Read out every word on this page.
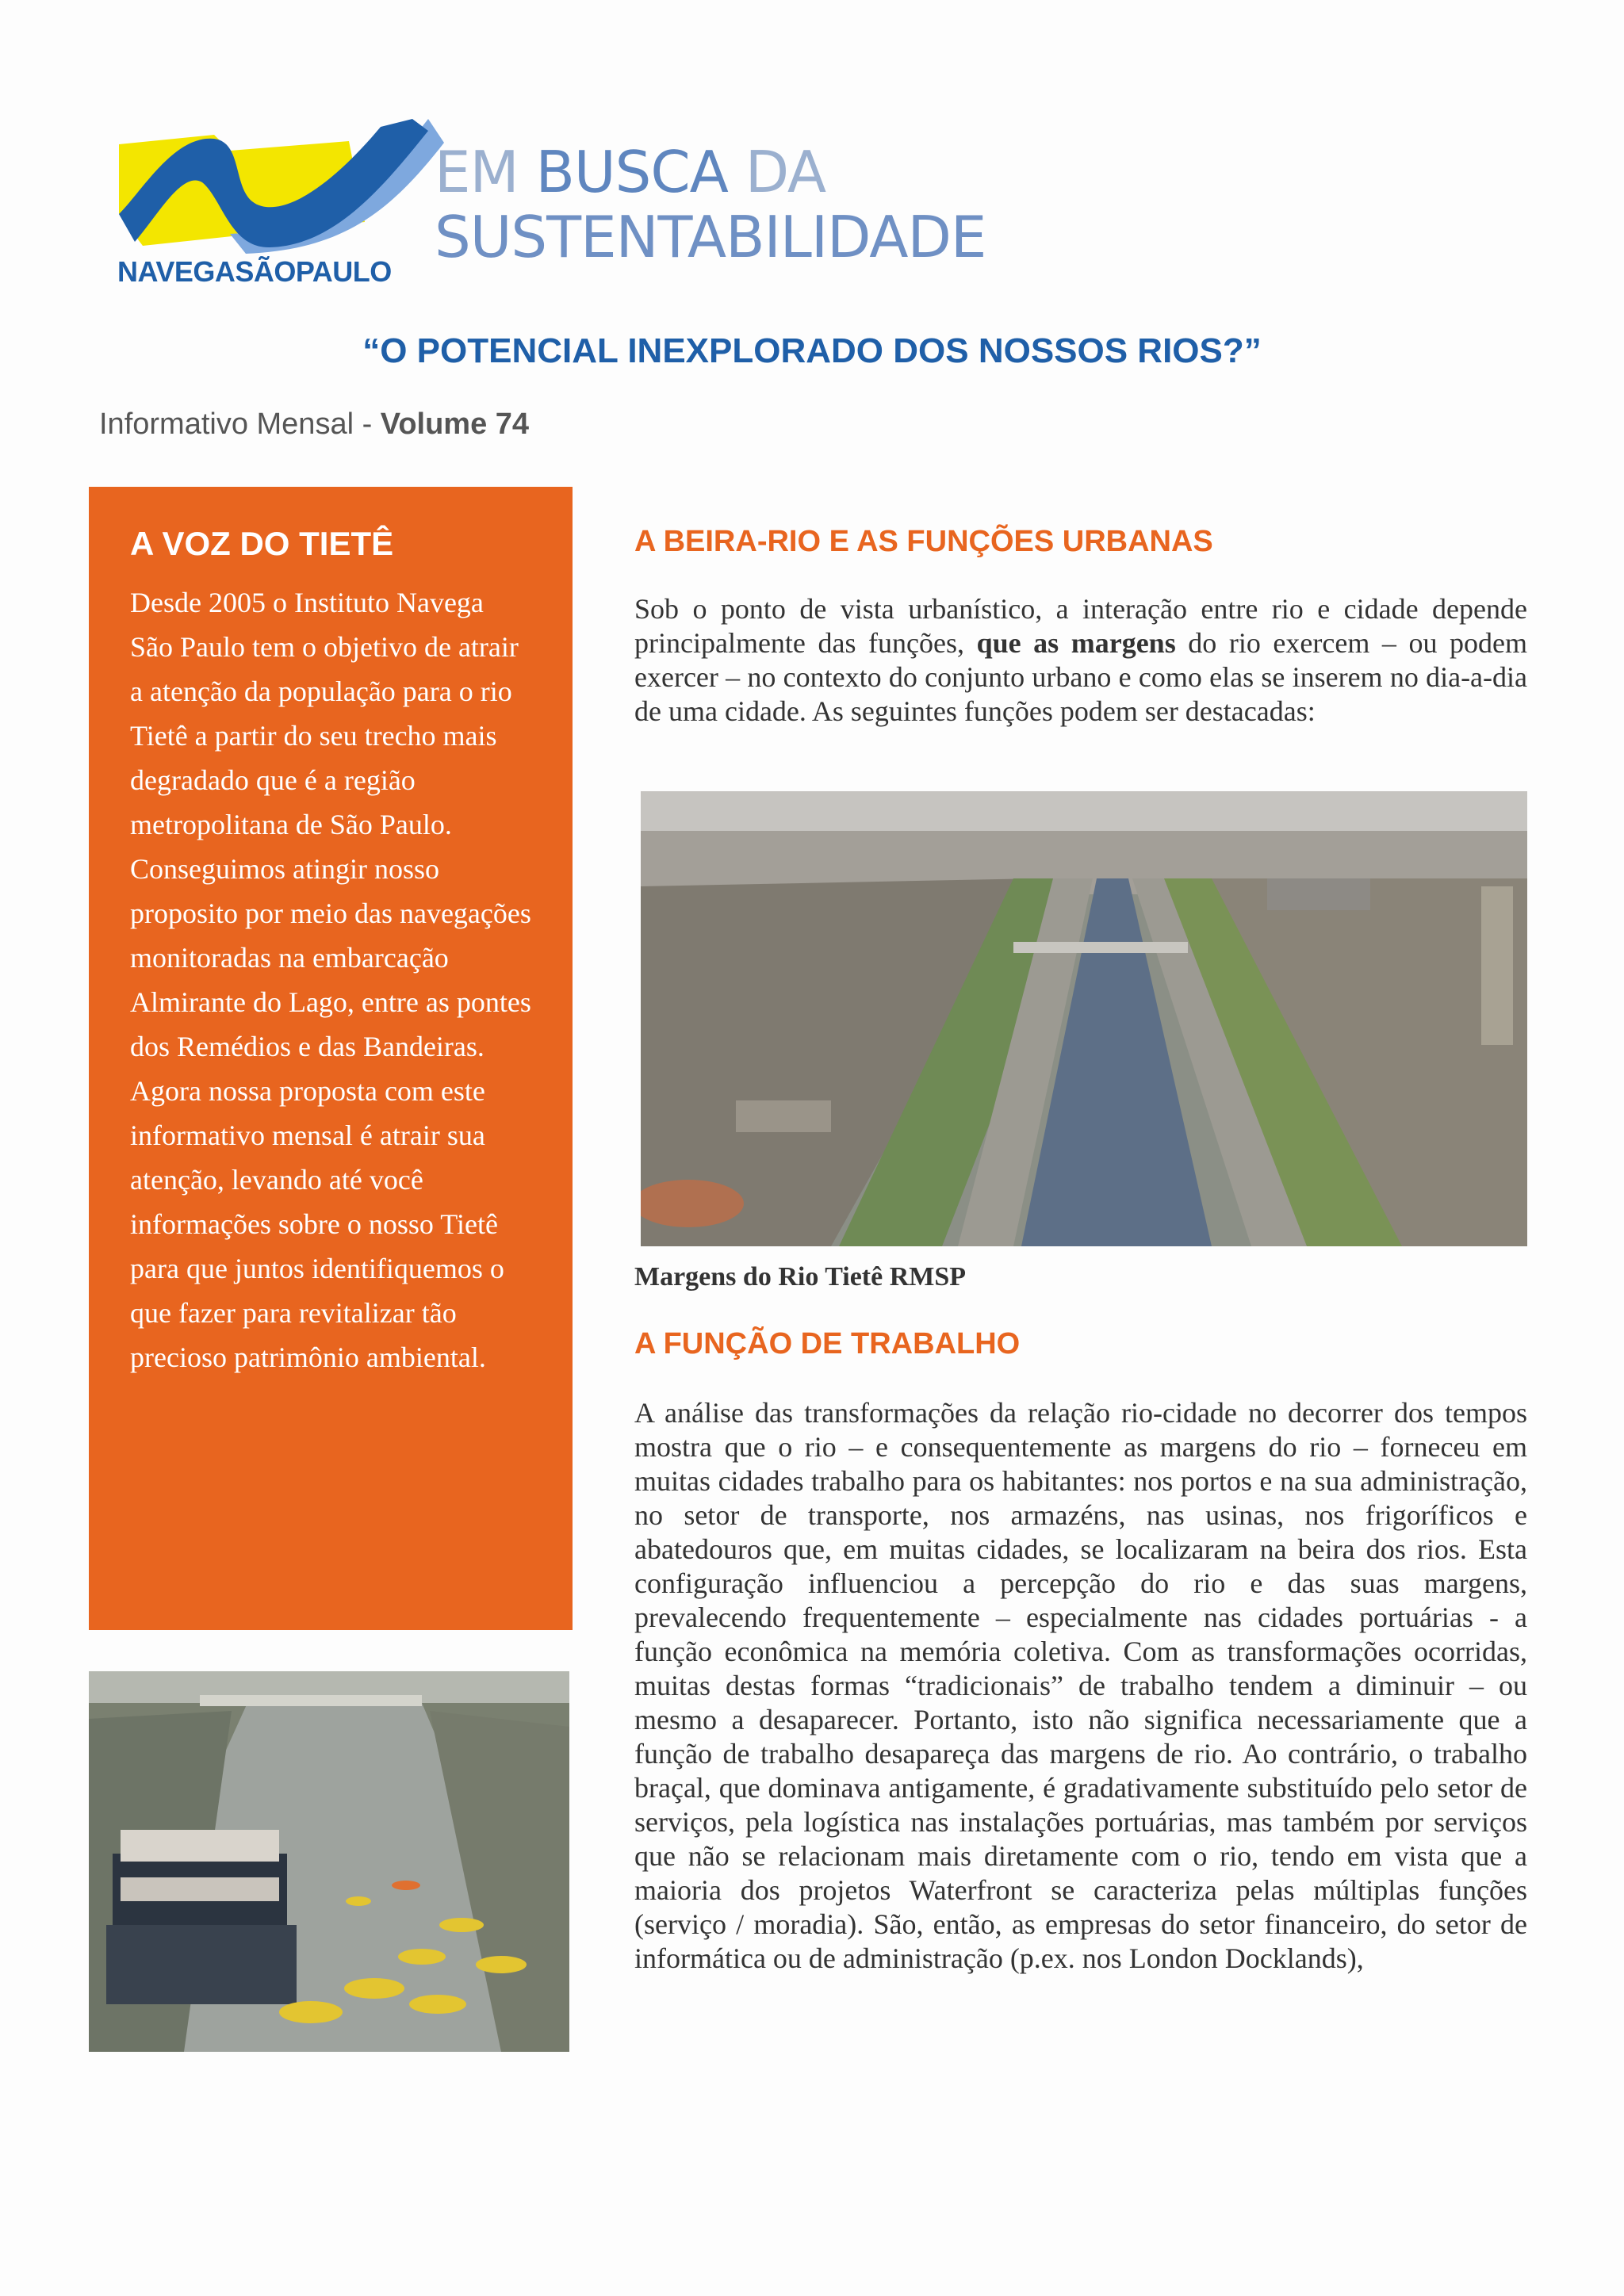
NAVEGASÃOPAULO
EM BUSCA DA
SUSTENTABILIDADE
“O POTENCIAL INEXPLORADO DOS NOSSOS RIOS?”
Informativo Mensal - Volume 74
A VOZ DO TIETÊ

Desde 2005 o Instituto Navega São Paulo tem o objetivo de atrair a atenção da população para o rio Tietê a partir do seu trecho mais degradado que é a região metropolitana de São Paulo. Conseguimos atingir nosso proposito por meio das navegações monitoradas na embarcação Almirante do Lago, entre as pontes dos Remédios e das Bandeiras. Agora nossa proposta com este informativo mensal é atrair sua atenção, levando até você informações sobre o nosso Tietê para que juntos identifiquemos o que fazer para revitalizar tão precioso patrimônio ambiental.

A BEIRA-RIO E AS FUNÇÕES URBANAS

Sob o ponto de vista urbanístico, a interação entre rio e cidade depende principalmente das funções, que as margens do rio exercem – ou podem exercer – no contexto do conjunto urbano e como elas se inserem no dia-a-dia de uma cidade. As seguintes funções podem ser destacadas:

Margens do Rio Tietê RMSP
A FUNÇÃO DE TRABALHO

A análise das transformações da relação rio-cidade no decorrer dos tempos mostra que o rio – e consequentemente as margens do rio – forneceu em muitas cidades trabalho para os habitantes: nos portos e na sua administração, no setor de transporte, nos armazéns, nas usinas, nos frigoríficos e abatedouros que, em muitas cidades, se localizaram na beira dos rios. Esta configuração influenciou a percepção do rio e das suas margens, prevalecendo frequentemente – especialmente nas cidades portuárias - a função econômica na memória coletiva. Com as transformações ocorridas, muitas destas formas “tradicionais” de trabalho tendem a diminuir – ou mesmo a desaparecer. Portanto, isto não significa necessariamente que a função de trabalho desapareça das margens de rio. Ao contrário, o trabalho braçal, que dominava antigamente, é gradativamente substituído pelo setor de serviços, pela logística nas instalações portuárias, mas também por serviços que não se relacionam mais diretamente com o rio, tendo em vista que a maioria dos projetos Waterfront se caracteriza pelas múltiplas funções (serviço / moradia). São, então, as empresas do setor financeiro, do setor de informática ou de administração (p.ex. nos London Docklands),
